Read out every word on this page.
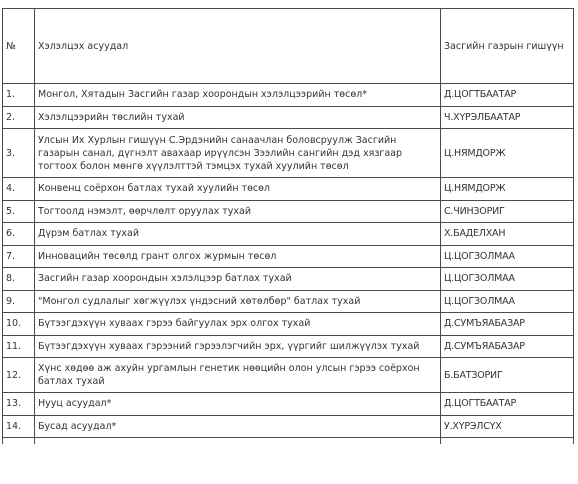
№	Хэлэлцэх асуудал	Засгийн газрын гишүүн
1.	Монгол, Хятадын Засгийн газар хоорондын хэлэлцээрийн төсөл*	Д.ЦОГТБААТАР
2.	Хэлэлцээрийн төслийн тухай	Ч.ХҮРЭЛБААТАР
3.	Улсын Их Хурлын гишүүн С.Эрдэнийн санаачлан боловсруулж Засгийн газарын санал, дүгнэлт авахаар ирүүлсэн Зээлийн сангийн дэд хязгаар тогтоох болон мөнгө хүүлэлттэй тэмцэх тухай хуулийн төсөл	Ц.НЯМДОРЖ
4.	Конвенц соёрхон батлах тухай хуулийн төсөл	Ц.НЯМДОРЖ
5.	Тогтоолд нэмэлт, өөрчлөлт оруулах тухай	С.ЧИНЗОРИГ
6.	Дүрэм батлах тухай	Х.БАДЕЛХАН
7.	Инновацийн төсөлд грант олгох журмын төсөл	Ц.ЦОГЗОЛМАА
8.	Засгийн газар хоорондын хэлэлцээр батлах тухай	Ц.ЦОГЗОЛМАА
9.	"Монгол судлалыг хөгжүүлэх үндэсний хөтөлбөр" батлах тухай	Ц.ЦОГЗОЛМАА
10.	Бүтээгдэхүүн хуваах гэрээ байгуулах эрх олгох тухай	Д.СУМЪЯАБАЗАР
11.	Бүтээгдэхүүн хуваах гэрээний гэрээлэгчийн эрх, үүргийг шилжүүлэх тухай	Д.СУМЪЯАБАЗАР
12.	Хүнс хөдөө аж ахуйн ургамлын генетик нөөцийн олон улсын гэрээ соёрхон батлах тухай	Б.БАТЗОРИГ
13.	Нууц асуудал*	Д.ЦОГТБААТАР
14.	Бусад асуудал*	У.ХҮРЭЛСҮХ
